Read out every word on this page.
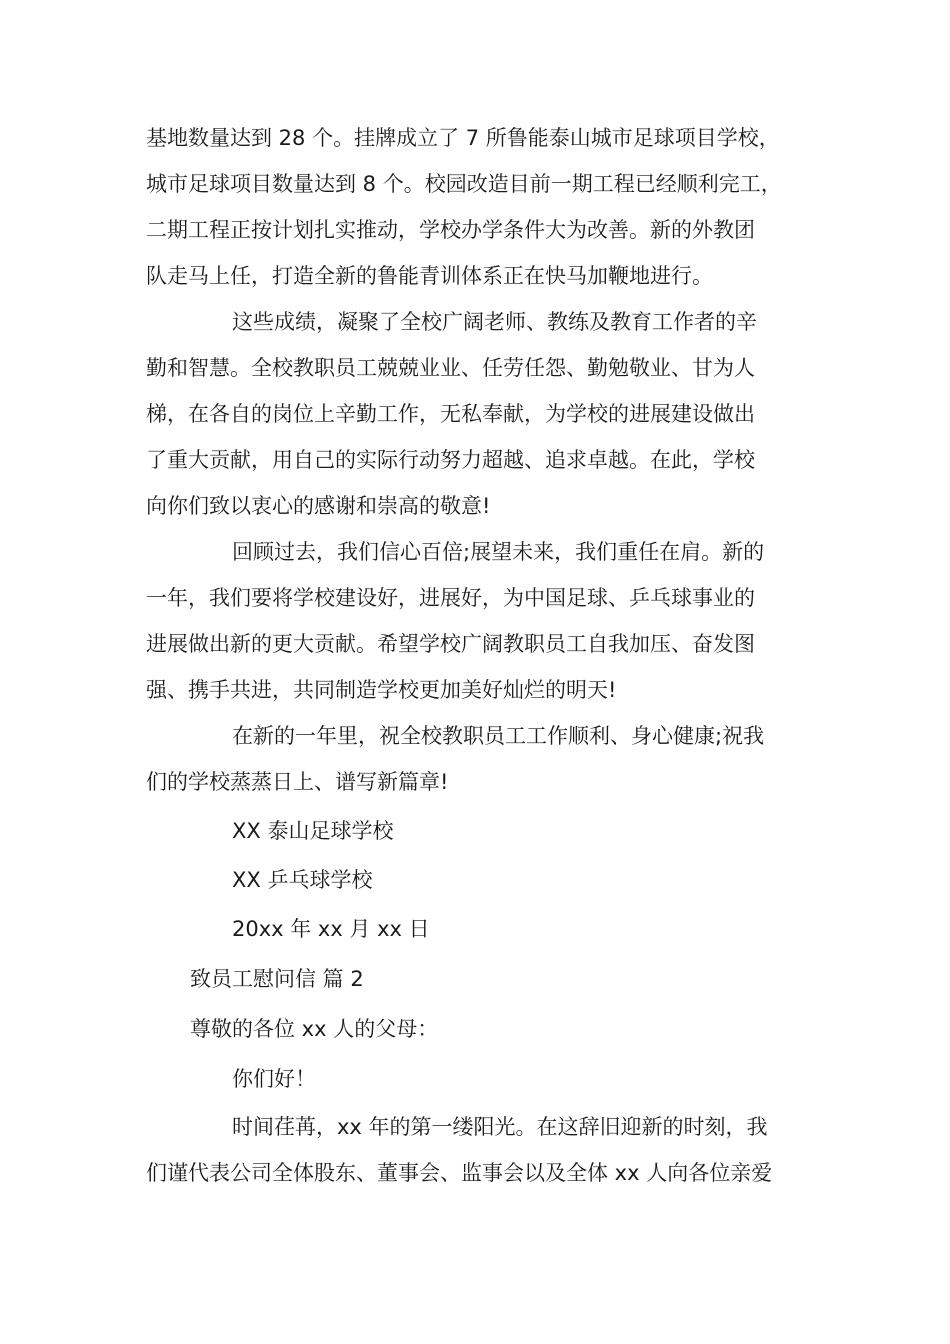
基地数量达到 28 个。挂牌成立了 7 所鲁能泰山城市足球项目学校，
城市足球项目数量达到 8 个。校园改造目前一期工程已经顺利完工，
二期工程正按计划扎实推动，学校办学条件大为改善。新的外教团
队走马上任，打造全新的鲁能青训体系正在快马加鞭地进行。
这些成绩，凝聚了全校广阔老师、教练及教育工作者的辛
勤和智慧。全校教职员工兢兢业业、任劳任怨、勤勉敬业、甘为人
梯，在各自的岗位上辛勤工作，无私奉献，为学校的进展建设做出
了重大贡献，用自己的实际行动努力超越、追求卓越。在此，学校
向你们致以衷心的感谢和崇高的敬意!
回顾过去，我们信心百倍;展望未来，我们重任在肩。新的
一年，我们要将学校建设好，进展好，为中国足球、乒乓球事业的
进展做出新的更大贡献。希望学校广阔教职员工自我加压、奋发图
强、携手共进，共同制造学校更加美好灿烂的明天!
在新的一年里，祝全校教职员工工作顺利、身心健康;祝我
们的学校蒸蒸日上、谱写新篇章!
XX 泰山足球学校
XX 乒乓球学校
20xx 年 xx 月 xx 日
致员工慰问信 篇 2
尊敬的各位 xx 人的父母：
你们好！
时间荏苒，xx 年的第一缕阳光。在这辞旧迎新的时刻，我
们谨代表公司全体股东、董事会、监事会以及全体 xx 人向各位亲爱
